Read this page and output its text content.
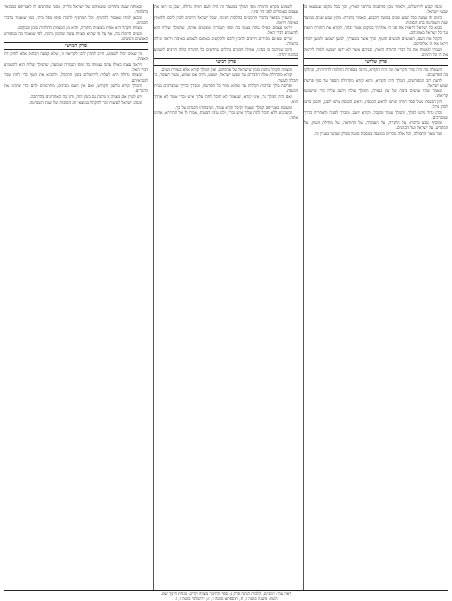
זמנה קבוע לירושלים, ולאחר מכן פורסמה ברחבי הארץ, וכך בכל מקום שנמצאו בו שבטי ישראל.

כינוס זה נעשה בכל שבע שנים במועד הקבוע, כאמור בתורה: מקץ שבע שנים במועד שנת השמיטה בחג הסוכות.

בבוא כל ישראל לראות את פני ה׳ אלוהיך במקום אשר יבחר, תקרא את התורה הזאת נגד כל ישראל באוזניהם.

הקהל את העם, האנשים והנשים והטף, וגרך אשר בשעריך, למען ישמעו ולמען ילמדו ויראו את ה׳ אלוהיכם.

ושמרו לעשות את כל דברי התורה הזאת, ובניהם אשר לא ידעו ישמעו ולמדו ליראה את ה׳ כל הימים.

פרק שלישי

השאלה מה היה סדר הקריאה ומי היה הקורא, נדונה בספרות ההלכה לדורותיה, ונחלקו בה הפרשנים.

לדעת רוב המפרשים, המלך היה הקורא, והוא קורא מתחילת הספר עד סוף פרשת שמע ישראל.

ונאמר שהיו עושים בימה של עץ בעזרה, והמלך עולה ויושב עליה כדי שישמעו קריאתו.

חזן הכנסת נוטל ספר תורה ונותנו לראש הכנסת, וראש הכנסת נותנו לסגן, והסגן נותנו לכהן גדול.

וכהן גדול נותנו למלך, והמלך עומד ומקבל, וקורא יושב, ומברך לפניה ולאחריה כדרך שמברכים.

ומוסיף שבע ברכות: על התורה, על העבודה, על ההודאה, על מחילת העוון, על המקדש, על ישראל ועל הכהנים.

ועל שאר התפילה, וכל אלה נזכרים במשנה במסכת סוטה בפרק שביעי בעניין זה.

לשמוע מקרא התורה מפי המלך במעמד זה היה לעם חוויה גדולה, שכן בו ראו את עצמם כעומדים לפני הר סיני.

והעניין מבואר בדברי הרמב״ם בהלכות חגיגה, שכל ישראל חייבים לכוון ליבם ולהאזין באימה ויראה.

ויראו עצמם כאילו עתה נצטוו בה ומפי הגבורה שומעים אותה, שהמלך שליח הוא להשמיע דברי האל.

וגרים שאינם מכירים חייבים להכין ליבם ולהקשיב באוזנם לשמוע באימה ויראה וגילה ברעדה.

כיום שניתנה בו בסיני, אפילו חכמים גדולים שיודעים כל התורה כולה חייבים לשמוע בכוונה יתרה.

פרק רביעי

ומצוות הקהל נוהגת בזמן שישראל על אדמתם, ואין המלך קורא אלא בעזרת נשים.

קורא מתחילת אלה הדברים עד שמע ישראל, ושמע, והיה אם שמוע, עשר תעשר, כי תכלה לעשר.

ופרשת מלך וברכות וקללות עד שהוא גומר כל הפרשה, ומברך כדרך שמברכים בבית הכנסת.

ואם היה המלך גר, אינו קורא, שנאמר לא תוכל לתת עליך איש נכרי אשר לא אחיך הוא.

ומעשה באגריפס המלך שעמד וקיבל וקרא עומד, ושיבחוהו חכמים על כך.

וכשהגיע ללא תוכל לתת עליך איש נכרי, זלגו עיניו דמעות, אמרו לו אל תתיירא, אחינו אתה.

ובאותה שעה נתחייבו שונאיהם של ישראל כלייה, מפני שהחניפו לו לאגריפס כמבואר בתלמוד.

ומכאן למדו שאסור להחניף, וכל המחניף לחברו סופו נופל בידו, כמו שנאמר בדברי חכמים.

מצוות הקהל היא אחת ממצוות התורה, והיא מן המצוות התלויות בזמן ובמקום.

ונשים חייבות בה, אף על פי שהיא מצוות עשה שהזמן גרמה, לפי שנאמר בה במפורש האנשים והנשים.

פרק חמישי

מי שאינו יכול לשמוע, חייב להכין ליבו לקריאה זו, שלא קבעה הכתוב אלא לחזק דת האמת.

ויראה עצמו כאילו עתה נצטווה בה ומפי הגבורה שומעה, שהמלך שליח הוא להשמיע דברי האל.

ומצווה גדולה היא לעלות לירושלים בזמן ההקהל, ולהביא את הטף כדי לתת שכר למביאיהם.

והמלך קורא בלשון הקודש, ואם אין העם מבינים, מתרגמים להם כדי שיבינו את הדברים.

ויש לעיין אם מצווה זו נוהגת גם בזמן הזה, ודנו בה האחרונים בהרחבה.

ומנהג ישראל לעשות זכר להקהל במוצאי חג הסוכות של שנת השמיטה.

ראה עוד: רמב״ם, הלכות חגיגה פרק ג; ספר החינוך מצווה תריב; מנחת חינוך שם.
השוו: משנה סוטה ז, ח; תוספתא סוטה ז, יג; ירושלמי סוטה ז, ז.
